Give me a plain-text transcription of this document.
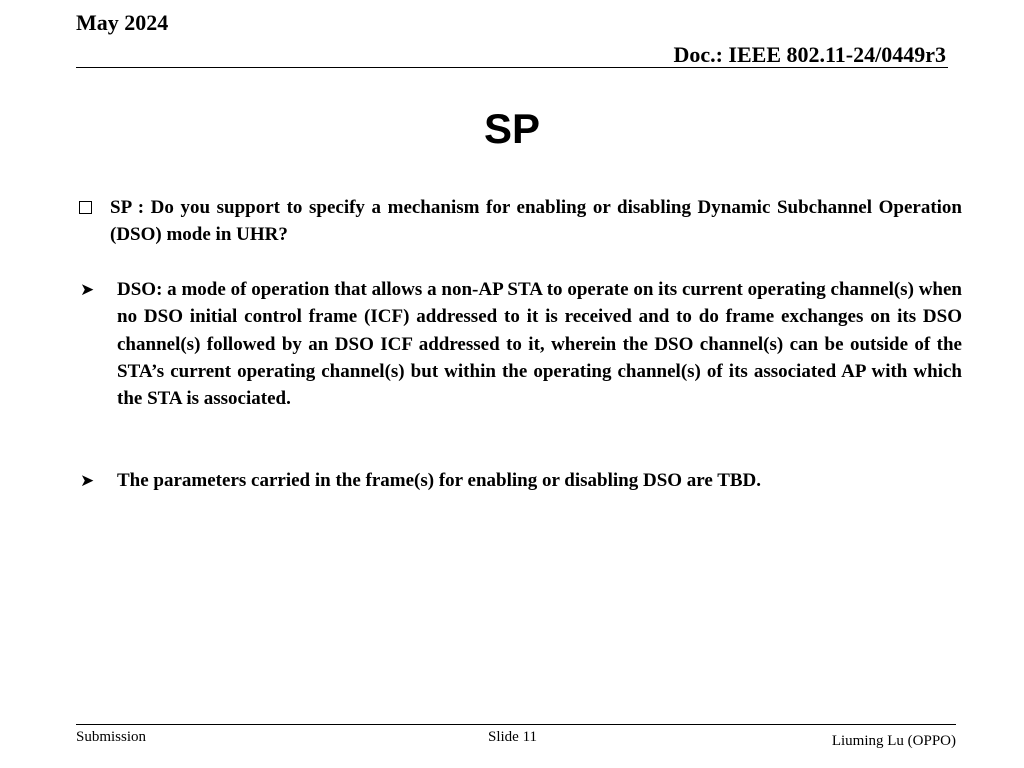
May 2024
Doc.: IEEE 802.11-24/0449r3
SP
SP : Do you support to specify a mechanism for enabling or disabling Dynamic Subchannel Operation (DSO) mode in UHR?
➤ DSO: a mode of operation that allows a non-AP STA to operate on its current operating channel(s) when no DSO initial control frame (ICF) addressed to it is received and to do frame exchanges on its DSO channel(s) followed by an DSO ICF addressed to it, wherein the DSO channel(s) can be outside of the STA’s current operating channel(s) but within the operating channel(s) of its associated AP with which the STA is associated.
➤ The parameters carried in the frame(s) for enabling or disabling DSO are TBD.
Submission	Slide 11	Liuming Lu (OPPO)
